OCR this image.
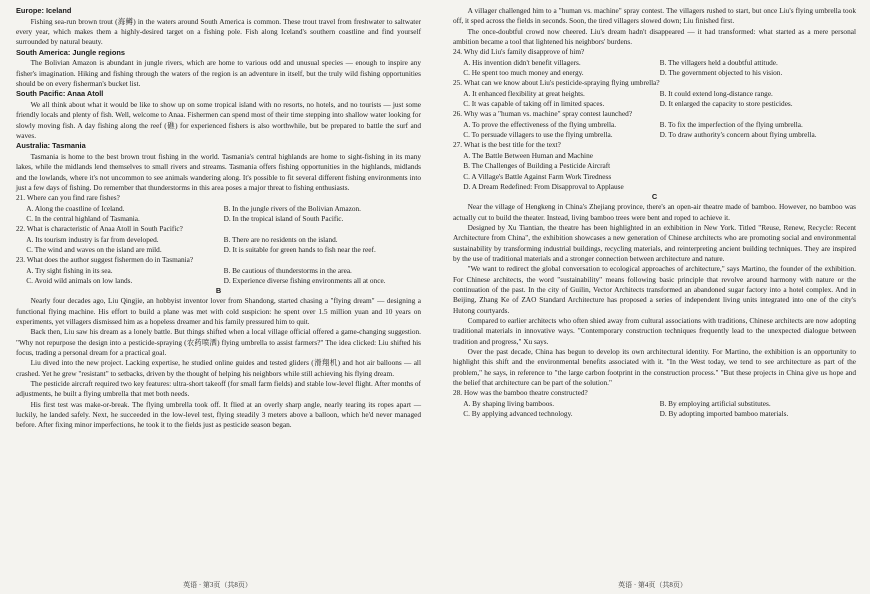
Europe: Iceland

Fishing sea-run brown trout (海鳟) in the waters around South America is common. These trout travel from freshwater to saltwater every year, which makes them a highly-desired target on a fishing pole. Fish along Iceland's southern coastline and find yourself surrounded by natural beauty.

South America: Jungle regions

The Bolivian Amazon is abundant in jungle rivers, which are home to various odd and unusual species — enough to inspire any fisher's imagination. Hiking and fishing through the waters of the region is an adventure in itself, but the truly wild fishing opportunities should be on every fisherman's bucket list.

South Pacific: Anaa Atoll

We all think about what it would be like to show up on some tropical island with no resorts, no hotels, and no tourists — just some friendly locals and plenty of fish. Well, welcome to Anaa. Fishermen can spend most of their time stepping into shallow water looking for slowly moving fish. A day fishing along the reef (礁) for experienced fishers is also worthwhile, but be prepared to battle the surf and waves.

Australia: Tasmania

Tasmania is home to the best brown trout fishing in the world. Tasmania's central highlands are home to sight-fishing in its many lakes, while the midlands lend themselves to small rivers and streams. Tasmania offers fishing opportunities in the highlands, midlands and the lowlands, where it's not uncommon to see animals wandering along. It's possible to fit several different fishing environments into just a few days of fishing. Do remember that thunderstorms in this area poses a major threat to fishing enthusiasts.

21. Where can you find rare fishes?
A. Along the coastline of Iceland.	B. In the jungle rivers of the Bolivian Amazon.
C. In the central highland of Tasmania.	D. In the tropical island of South Pacific.
22. What is characteristic of Anaa Atoll in South Pacific?
A. Its tourism industry is far from developed.	B. There are no residents on the island.
C. The wind and waves on the island are mild.	D. It is suitable for green hands to fish near the reef.
23. What does the author suggest fishermen do in Tasmania?
A. Try sight fishing in its sea.	B. Be cautious of thunderstorms in the area.
C. Avoid wild animals on low lands.	D. Experience diverse fishing environments all at once.
B

Nearly four decades ago, Liu Qingjie, an hobbyist inventor lover from Shandong, started chasing a "flying dream" — designing a functional flying machine. His effort to build a plane was met with cold suspicion: he spent over 1.5 million yuan and 10 years on experiments, yet villagers dismissed him as a hopeless dreamer and his family pressured him to quit.

Back then, Liu saw his dream as a lonely battle. But things shifted when a local village official offered a game-changing suggestion. "Why not repurpose the design into a pesticide-spraying (农药喷洒) flying umbrella to assist farmers?" The idea clicked: Liu shifted his focus, trading a personal dream for a practical goal.

Liu dived into the new project. Lacking expertise, he studied online guides and tested gliders (滑翔机) and hot air balloons — all crashed. Yet he grew "resistant" to setbacks, driven by the thought of helping his neighbors while still achieving his flying dream.

The pesticide aircraft required two key features: ultra-short takeoff (for small farm fields) and stable low-level flight. After months of adjustments, he built a flying umbrella that met both needs.

His first test was make-or-break. The flying umbrella took off. It flied at an overly sharp angle, nearly tearing its ropes apart — luckily, he landed safely. Next, he succeeded in the low-level test, flying steadily 3 meters above a balloon, which he'd never managed before. After fixing minor imperfections, he took it to the fields just as pesticide season began.

英语 · 第3页（共8页）

A villager challenged him to a "human vs. machine" spray contest. The villagers rushed to start, but once Liu's flying umbrella took off, it sped across the fields in seconds. Soon, the tired villagers slowed down; Liu finished first.

The once-doubtful crowd now cheered. Liu's dream hadn't disappeared — it had transformed: what started as a mere personal ambition became a tool that lightened his neighbors' burdens.

24. Why did Liu's family disapprove of him?
A. His invention didn't benefit villagers.	B. The villagers held a doubtful attitude.
C. He spent too much money and energy.	D. The government objected to his vision.
25. What can we know about Liu's pesticide-spraying flying umbrella?
A. It enhanced flexibility at great heights.	B. It could extend long-distance range.
C. It was capable of taking off in limited spaces.	D. It enlarged the capacity to store pesticides.
26. Why was a "human vs. machine" spray contest launched?
A. To prove the effectiveness of the flying umbrella.	B. To fix the imperfection of the flying umbrella.
C. To persuade villagers to use the flying umbrella.	D. To draw authority's concern about flying umbrella.
27. What is the best title for the text?
A. The Battle Between Human and Machine
B. The Challenges of Building a Pesticide Aircraft
C. A Village's Battle Against Farm Work Tiredness
D. A Dream Redefined: From Disapproval to Applause
C

Near the village of Hengkeng in China's Zhejiang province, there's an open-air theatre made of bamboo. However, no bamboo was actually cut to build the theater. Instead, living bamboo trees were bent and roped to achieve it.

Designed by Xu Tiantian, the theatre has been highlighted in an exhibition in New York. Titled "Reuse, Renew, Recycle: Recent Architecture from China", the exhibition showcases a new generation of Chinese architects who are promoting social and environmental sustainability by transforming industrial buildings, recycling materials, and reinterpreting ancient building techniques. They are inspired by the use of traditional materials and a stronger connection between architecture and nature.

"We want to redirect the global conversation to ecological approaches of architecture," says Martino, the founder of the exhibition. For Chinese architects, the word "sustainability" means following basic principle that revolve around harmony with nature or the continuation of the past. In the city of Guilin, Vector Architects transformed an abandoned sugar factory into a hotel complex. And in Beijing, Zhang Ke of ZAO Standard Architecture has proposed a series of independent living units integrated into one of the city's Hutong courtyards.

Compared to earlier architects who often shied away from cultural associations with traditions, Chinese architects are now adopting traditional materials in innovative ways. "Contemporary construction techniques frequently lead to the unexpected dialogue between tradition and progress," Xu says.

Over the past decade, China has begun to develop its own architectural identity. For Martino, the exhibition is an opportunity to highlight this shift and the environmental benefits associated with it. "In the West today, we tend to see architecture as part of the problem," he says, in reference to "the large carbon footprint in the construction process." "But these projects in China give us hope and the belief that architecture can be part of the solution."

28. How was the bamboo theatre constructed?
A. By shaping living bamboos.	B. By employing artificial substitutes.
C. By applying advanced technology.	D. By adopting imported bamboo materials.
英语 · 第4页（共8页）
